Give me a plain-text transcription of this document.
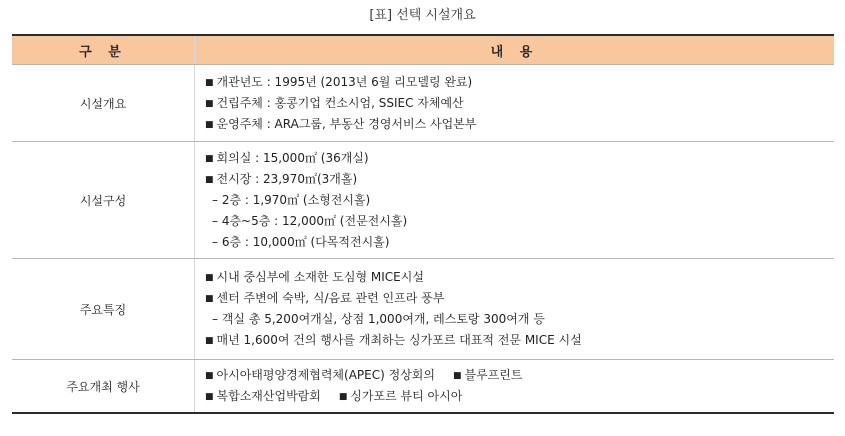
[표] 선텍 시설개요
구 분	내 용
시설개요	■ 개관년도 : 1995년 (2013년 6월 리모델링 완료)
■ 건립주체 : 홍콩기업 컨소시엄, SSIEC 자체예산
■ 운영주체 : ARA그룹, 부동산 경영서비스 사업본부

시설구성	■ 회의실 : 15,000㎡ (36개실)
■ 전시장 : 23,970㎡(3개홀)
– 2층 : 1,970㎡ (소형전시홀)
– 4층~5층 : 12,000㎡ (전문전시홀)
– 6층 : 10,000㎡ (다목적전시홀)

주요특징	■ 시내 중심부에 소재한 도심형 MICE시설
■ 센터 주변에 숙박, 식/음료 관련 인프라 풍부
– 객실 총 5,200여개실, 상점 1,000여개, 레스토랑 300여개 등
■ 매년 1,600여 건의 행사를 개최하는 싱가포르 대표적 전문 MICE 시설

주요개최 행사	■ 아시아태평양경제협력체(APEC) 정상회의 ■ 블루프린트
■ 복합소재산업박람회 ■ 싱가포르 뷰티 아시아
